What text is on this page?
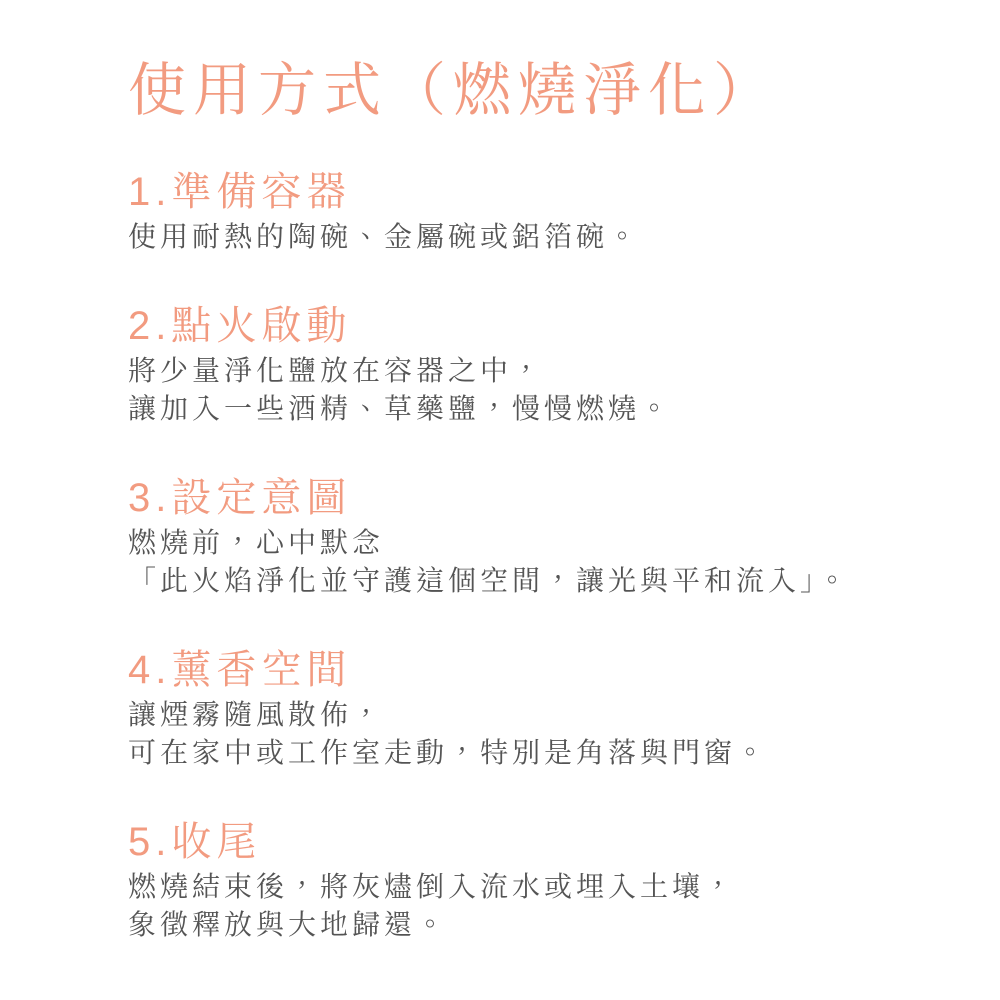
使用方式（燃燒淨化）
1.準備容器
使用耐熱的陶碗、金屬碗或鋁箔碗。
2.點火啟動
將少量淨化鹽放在容器之中，
讓加入一些酒精、草藥鹽，慢慢燃燒。
3.設定意圖
燃燒前，心中默念
「此火焰淨化並守護這個空間，讓光與平和流入」。
4.薰香空間
讓煙霧隨風散佈，
可在家中或工作室走動，特別是角落與門窗。
5.收尾
燃燒結束後，將灰燼倒入流水或埋入土壤，
象徵釋放與大地歸還。
